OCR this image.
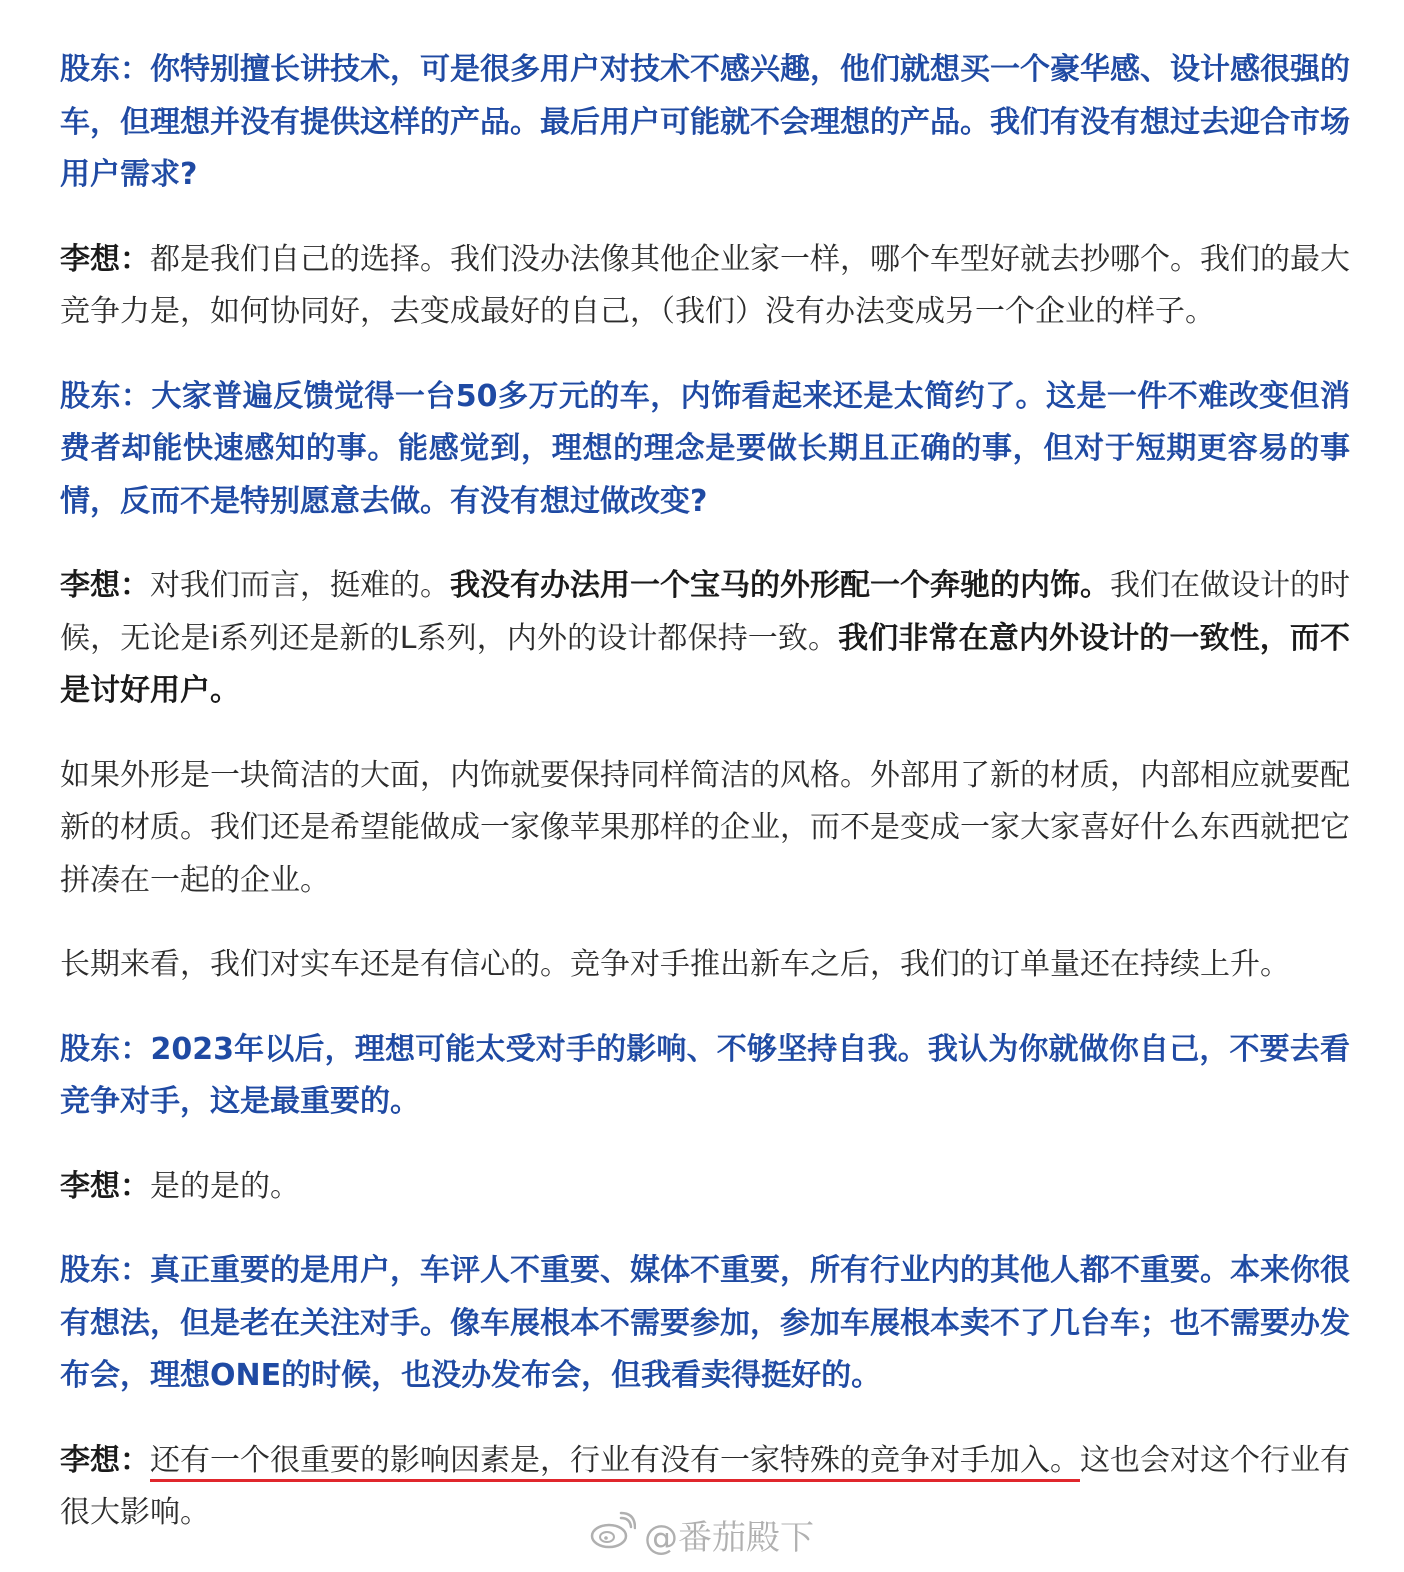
股东：你特别擅长讲技术，可是很多用户对技术不感兴趣，他们就想买一个豪华感、设计感很强的车，但理想并没有提供这样的产品。最后用户可能就不会理想的产品。我们有没有想过去迎合市场用户需求?

李想：都是我们自己的选择。我们没办法像其他企业家一样，哪个车型好就去抄哪个。我们的最大竞争力是，如何协同好，去变成最好的自己，（我们）没有办法变成另一个企业的样子。

股东：大家普遍反馈觉得一台50多万元的车，内饰看起来还是太简约了。这是一件不难改变但消费者却能快速感知的事。能感觉到，理想的理念是要做长期且正确的事，但对于短期更容易的事情，反而不是特别愿意去做。有没有想过做改变?

李想：对我们而言，挺难的。我没有办法用一个宝马的外形配一个奔驰的内饰。我们在做设计的时候，无论是i系列还是新的L系列，内外的设计都保持一致。我们非常在意内外设计的一致性，而不是讨好用户。

如果外形是一块简洁的大面，内饰就要保持同样简洁的风格。外部用了新的材质，内部相应就要配新的材质。我们还是希望能做成一家像苹果那样的企业，而不是变成一家大家喜好什么东西就把它拼凑在一起的企业。

长期来看，我们对实车还是有信心的。竞争对手推出新车之后，我们的订单量还在持续上升。

股东：2023年以后，理想可能太受对手的影响、不够坚持自我。我认为你就做你自己，不要去看竞争对手，这是最重要的。

李想：是的是的。

股东：真正重要的是用户，车评人不重要、媒体不重要，所有行业内的其他人都不重要。本来你很有想法，但是老在关注对手。像车展根本不需要参加，参加车展根本卖不了几台车；也不需要办发布会，理想ONE的时候，也没办发布会，但我看卖得挺好的。

李想：还有一个很重要的影响因素是，行业有没有一家特殊的竞争对手加入。这也会对这个行业有很大影响。

@番茄殿下
